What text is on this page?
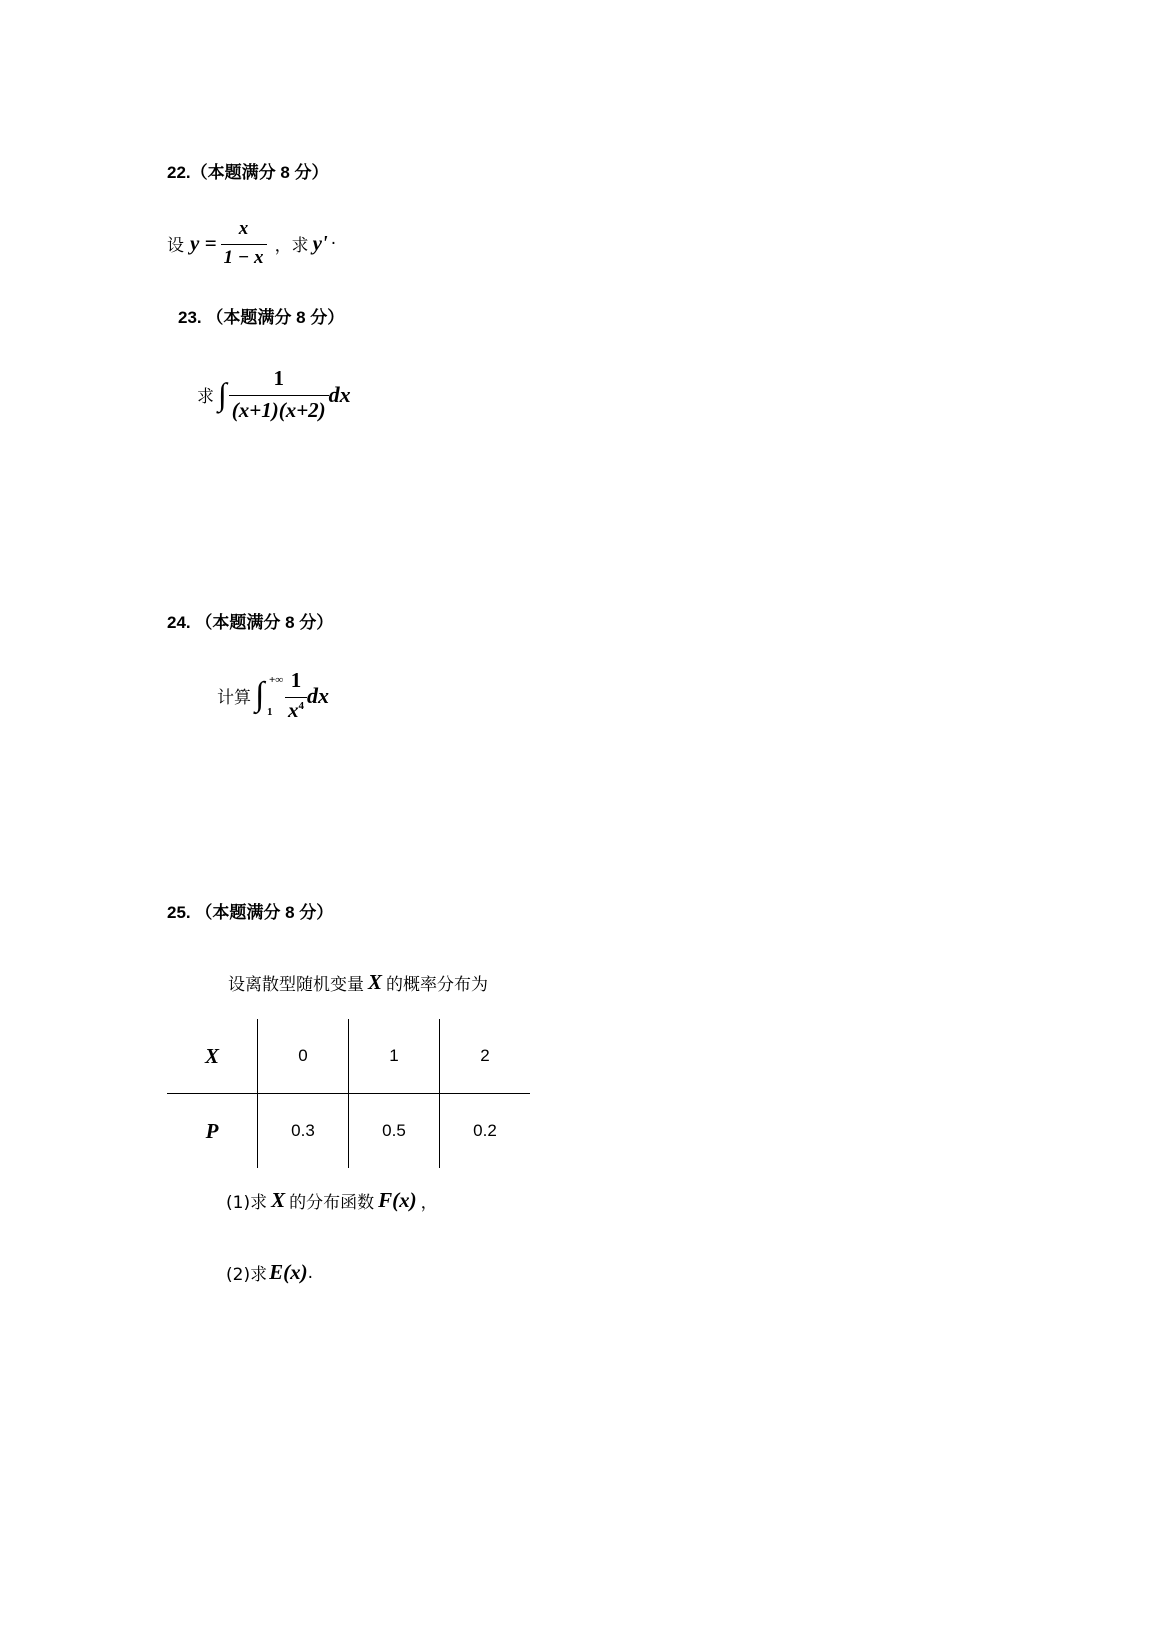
22.（本题满分 8 分）
设 $y = \frac{x}{1 - x}$ ，求 y' ·
23. （本题满分 8 分）
求 ∫ $\frac{1}{(x+1)(x+2)}$ dx
24. （本题满分 8 分）
计算 ∫ +∞
$1 \frac{1}{x^4}$ dx
25. （本题满分 8 分）
设离散型随机变量 X 的概率分布为
X	0	1	2
P	0.3	0.5	0.2
(1)求 X 的分布函数 F(x) ，
(2)求 E(x) .
